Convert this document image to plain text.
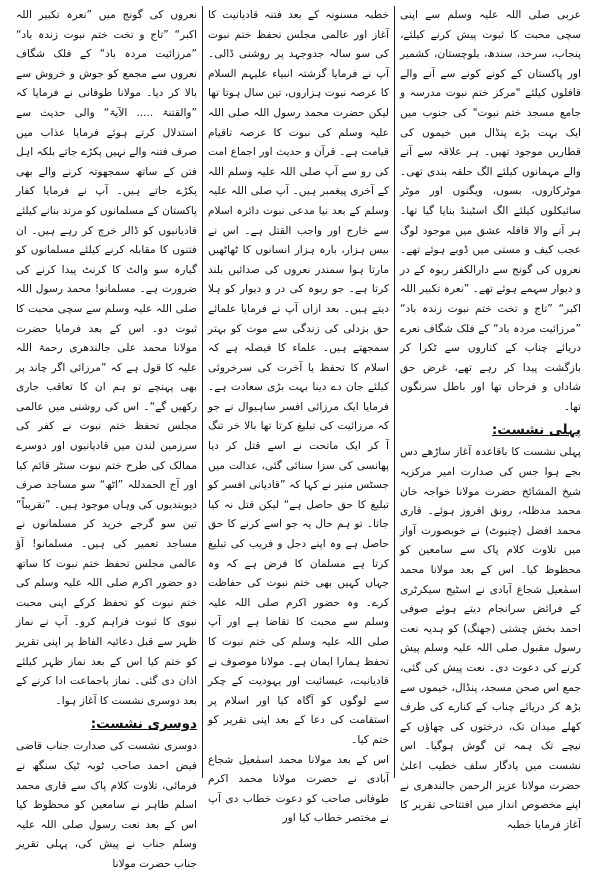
عربی صلی اللہ علیہ وسلم سے اپنی سچی محبت کا ثبوت پیش کرنے کیلئے، پنجاب، سرحد، سندھ، بلوچستان، کشمیر اور پاکستان کے کونے کونے سے آنے والے قافلوں کیلئے "مرکز ختم نبوت مدرسہ و جامع مسجد ختم نبوت" کی جنوب میں ایک بہت بڑے پنڈال میں خیموں کی قطاریں موجود تھیں۔ ہر علاقہ سے آنے والے مہمانوں کیلئے الگ حلقہ بندی تھی۔ موٹرکاروں، بسوں، ویگنوں اور موٹر سائیکلوں کیلئے الگ اسٹینڈ بنایا گیا تھا۔ ہر آنے والا قافلہ عشق میں موجود لوگ عجب کیف و مستی میں ڈوبے ہوئے تھے۔ نعروں کی گونج سے دارالکفر ربوہ کے در و دیوار سہمے ہوئے تھے۔ ”نعرہ تکبیر اللہ اکبر“ ”تاج و تخت ختم نبوت زندہ باد“ ”مرزائیت مردہ باد“ کے فلک شگاف نعرے دریائے چناب کے کناروں سے ٹکرا کر بازگشت پیدا کر رہے تھے، غرض حق شاداں و فرحاں تھا اور باطل سرنگوں تھا۔

پہلی نشست:

پہلی نشست کا باقاعدہ آغاز ساڑھے دس بجے ہوا جس کی صدارت امیر مرکزیہ شیخ المشائخ حضرت مولانا خواجہ خان محمد مدظلہ، رونق افروز ہوئے۔ قاری محمد افضل (چنیوٹ) نے خوبصورت آواز میں تلاوت کلام پاک سے سامعین کو محظوظ کیا۔ اس کے بعد مولانا محمد اسمٰعیل شجاع آبادی نے اسٹیج سیکرٹری کے فرائض سرانجام دیتے ہوئے صوفی احمد بخش چشتی (جھنگ) کو ہدیہ نعت رسول مقبول صلی اللہ علیہ وسلم پیش کرنے کی دعوت دی۔ نعت پیش کی گئی، جمع اس صحن مسجد، پنڈال، خیموں سے بڑھ کر دریائے چناب کے کنارے کی طرف کھلے میدان تک، درختوں کی چھاؤں کے نیچے تک ہمہ تن گوش ہوگیا۔ اس نشست میں یادگار سلف خطیب اعلیٰ حضرت مولانا عزیز الرحمن جالندھری نے اپنے مخصوص انداز میں افتتاحی تقریر کا آغاز فرمایا خطبہ

خطبہ مسنونہ کے بعد فتنہ قادیانیت کا آغاز اور عالمی مجلس تحفظ ختم نبوت کی سو سالہ جدوجہد پر روشنی ڈالی۔ آپ نے فرمایا گزشتہ انبیاء علیہم السلام کا عرصہ نبوت ہزاروں، تین سال ہوتا تھا لیکن حضرت محمد رسول اللہ صلی اللہ علیہ وسلم کی نبوت کا عرصہ تاقیام قیامت ہے۔ قرآن و حدیث اور اجماع امت کی رو سے آپ صلی اللہ علیہ وسلم اللہ کے آخری پیغمبر ہیں۔ آپ صلی اللہ علیہ وسلم کے بعد نیا مدعی نبوت دائرہ اسلام سے خارج اور واجب القتل ہے۔ اس نے بیس ہزار، بارہ ہزار انسانوں کا ٹھاٹھیں مارتا ہوا سمندر نعروں کی صدائیں بلند کرتا ہے۔ جو ربوہ کی در و دیوار کو ہلا دیتے ہیں۔ بعد ازاں آپ نے فرمایا علمائے حق بزدلی کی زندگی سے موت کو بہتر سمجھتے ہیں۔ علماء کا فیصلہ ہے کہ اسلام کا تحفظ یا آخرت کی سرخروئی کیلئے جان دے دینا بہت بڑی سعادت ہے۔ فرمایا ایک مرزائی افسر ساہیوال نے جو کہ مرزائیت کی تبلیغ کرتا تھا بالا خر تنگ آ کر ایک ماتحت نے اسے قتل کر دیا پھانسی کی سزا سنائی گئی، عدالت میں جسٹس منیر نے کہا کہ ”قادیانی افسر کو تبلیغ کا حق حاصل ہے“ لیکن قتل نہ کیا جاتا۔ تو ہم حال یہ جو اسے کرنے کا حق حاصل ہے وہ اپنے دجل و فریب کی تبلیغ کرتا ہے مسلمان کا فرض ہے کہ وہ جہاں کہیں بھی ختم نبوت کی حفاظت کرے۔ وہ حضور اکرم صلی اللہ علیہ وسلم سے محبت کا تقاضا ہے اور آپ صلی اللہ علیہ وسلم کی ختم نبوت کا تحفظ ہمارا ایمان ہے۔ مولانا موصوف نے قادیانیت، عیسائیت اور یہودیت کے چکر سے لوگوں کو آگاہ کیا اور اسلام پر استقامت کی دعا کے بعد اپنی تقریر کو ختم کیا۔

اس کے بعد مولانا محمد اسمٰعیل شجاع آبادی نے حضرت مولانا محمد اکرم طوفانی صاحب کو دعوت خطاب دی آپ نے مختصر خطاب کیا اور

نعروں کی گونج میں ”نعرہ تکبیر اللہ اکبر“ ”تاج و تخت ختم نبوت زندہ باد“ ”مرزائیت مردہ باد“ کے فلک شگاف نعروں سے مجمع کو جوش و خروش سے بالا کر دیا۔ مولانا طوفانی نے فرمایا کہ ”والقتنۃ ..... الآیۃ“ والی حدیث سے استدلال کرتے ہوئے فرمایا عذاب میں صرف فتنہ والے نہیں پکڑے جاتے بلکہ اہل فتن کے ساتھ سمجھوتہ کرنے والے بھی پکڑے جاتے ہیں۔ آپ نے فرمایا کفار پاکستان کے مسلمانوں کو مرتد بنانے کیلئے قادیانیوں کو ڈالر خرچ کر رہے ہیں۔ ان فتنوں کا مقابلہ کرنے کیلئے مسلمانوں کو گیارہ سو والٹ کا کرنٹ پیدا کرنے کی ضرورت ہے۔ مسلمانو! محمد رسول اللہ صلی اللہ علیہ وسلم سے سچی محبت کا ثبوت دو۔ اس کے بعد فرمایا حضرت مولانا محمد علی جالندھری رحمۃ اللہ علیہ کا قول ہے کہ ”مرزائی اگر چاند پر بھی پہنچے تو ہم ان کا تعاقب جاری رکھیں گے“۔ اس کی روشنی میں عالمی مجلس تحفظ ختم نبوت نے کفر کی سرزمین لندن میں قادیانیوں اور دوسرے ممالک کی طرح ختم نبوت سنٹر قائم کیا اور آج الحمدللہ ”اٹھ“ سو مساجد صرف دیوبندیوں کی وہاں موجود ہیں۔ ”تقریباً“ تین سو گرجے خرید کر مسلمانوں نے مساجد تعمیر کی ہیں۔ مسلمانو! آؤ عالمی مجلس تحفظ ختم نبوت کا ساتھ دو حضور اکرم صلی اللہ علیہ وسلم کی ختم نبوت کو تحفظ کرکے اپنی محبت نبوی کا ثبوت فراہم کرو۔ آپ نے نماز ظہر سے قبل دعائیہ الفاظ پر اپنی تقریر کو ختم کیا اس کے بعد نماز ظہر کیلئے اذان دی گئی۔ نماز باجماعت ادا کرنے کے بعد دوسری نشست کا آغاز ہوا۔

دوسری نشست:

دوسری نشست کی صدارت جناب قاضی فیض احمد صاحب ٹوبہ ٹیک سنگھ نے فرمائی، تلاوت کلام پاک سے قاری محمد اسلم طاہر نے سامعین کو محظوظ کیا اس کے بعد نعت رسول صلی اللہ علیہ وسلم جناب نے پیش کی، پہلی تقریر جناب حضرت مولانا
